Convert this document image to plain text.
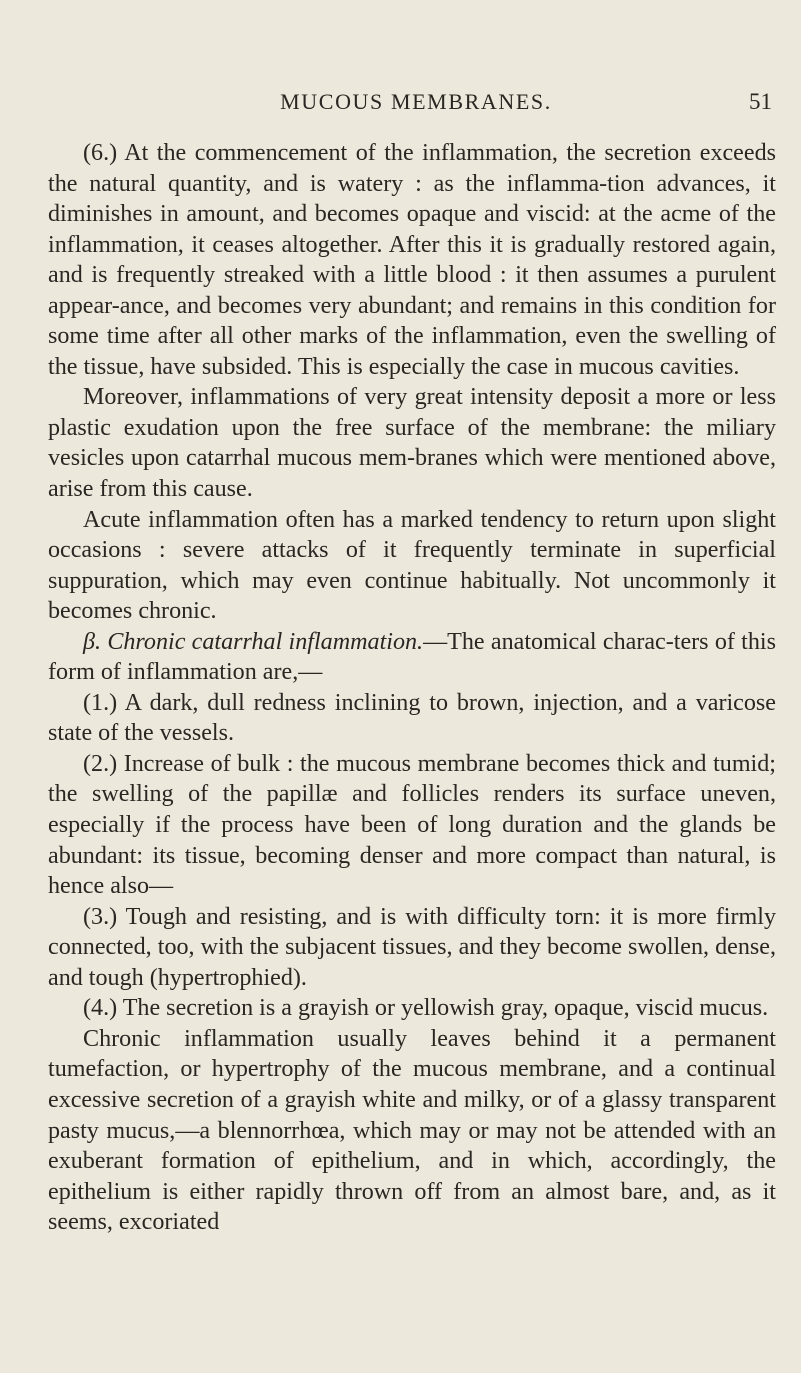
MUCOUS MEMBRANES.	51

(6.) At the commencement of the inflammation, the secretion exceeds the natural quantity, and is watery : as the inflamma-tion advances, it diminishes in amount, and becomes opaque and viscid: at the acme of the inflammation, it ceases altogether. After this it is gradually restored again, and is frequently streaked with a little blood : it then assumes a purulent appear-ance, and becomes very abundant; and remains in this condition for some time after all other marks of the inflammation, even the swelling of the tissue, have subsided. This is especially the case in mucous cavities.

Moreover, inflammations of very great intensity deposit a more or less plastic exudation upon the free surface of the membrane: the miliary vesicles upon catarrhal mucous mem-branes which were mentioned above, arise from this cause.

Acute inflammation often has a marked tendency to return upon slight occasions : severe attacks of it frequently terminate in superficial suppuration, which may even continue habitually. Not uncommonly it becomes chronic.

β. Chronic catarrhal inflammation.—The anatomical charac-ters of this form of inflammation are,—

(1.) A dark, dull redness inclining to brown, injection, and a varicose state of the vessels.

(2.) Increase of bulk : the mucous membrane becomes thick and tumid; the swelling of the papillæ and follicles renders its surface uneven, especially if the process have been of long duration and the glands be abundant: its tissue, becoming denser and more compact than natural, is hence also—

(3.) Tough and resisting, and is with difficulty torn: it is more firmly connected, too, with the subjacent tissues, and they become swollen, dense, and tough (hypertrophied).

(4.) The secretion is a grayish or yellowish gray, opaque, viscid mucus.

Chronic inflammation usually leaves behind it a permanent tumefaction, or hypertrophy of the mucous membrane, and a continual excessive secretion of a grayish white and milky, or of a glassy transparent pasty mucus,—a blennorrhœa, which may or may not be attended with an exuberant formation of epithelium, and in which, accordingly, the epithelium is either rapidly thrown off from an almost bare, and, as it seems, excoriated
